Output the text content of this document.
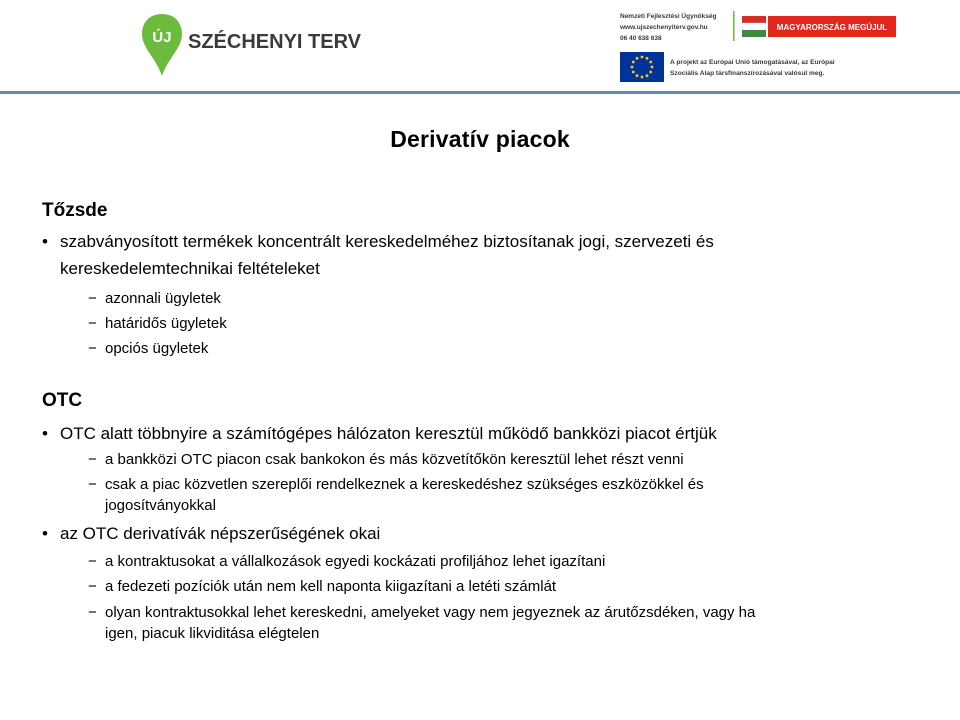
ÚJ SZÉCHENYI TERV
Nemzeti Fejlesztési Ügynökség
www.ujszechenyiterv.gov.hu
06 40 638 638
MAGYARORSZÁG MEGÚJUL
A projekt az Európai Unió támogatásával, az Európai
Szociális Alap társfinanszírozásával valósul meg.
Derivatív piacok
Tőzsde
• szabványosított termékek koncentrált kereskedelméhez biztosítanak jogi, szervezeti és
kereskedelemtechnikai feltételeket
− azonnali ügyletek
− határidős ügyletek
− opciós ügyletek
OTC
• OTC alatt többnyire a számítógépes hálózaton keresztül működő bankközi piacot értjük
− a bankközi OTC piacon csak bankokon és más közvetítőkön keresztül lehet részt venni
− csak a piac közvetlen szereplői rendelkeznek a kereskedéshez szükséges eszközökkel és
jogosítványokkal
• az OTC derivatívák népszerűségének okai
− a kontraktusokat a vállalkozások egyedi kockázati profiljához lehet igazítani
− a fedezeti pozíciók után nem kell naponta kiigazítani a letéti számlát
− olyan kontraktusokkal lehet kereskedni, amelyeket vagy nem jegyeznek az árutőzsdéken, vagy ha
igen, piacuk likviditása elégtelen
